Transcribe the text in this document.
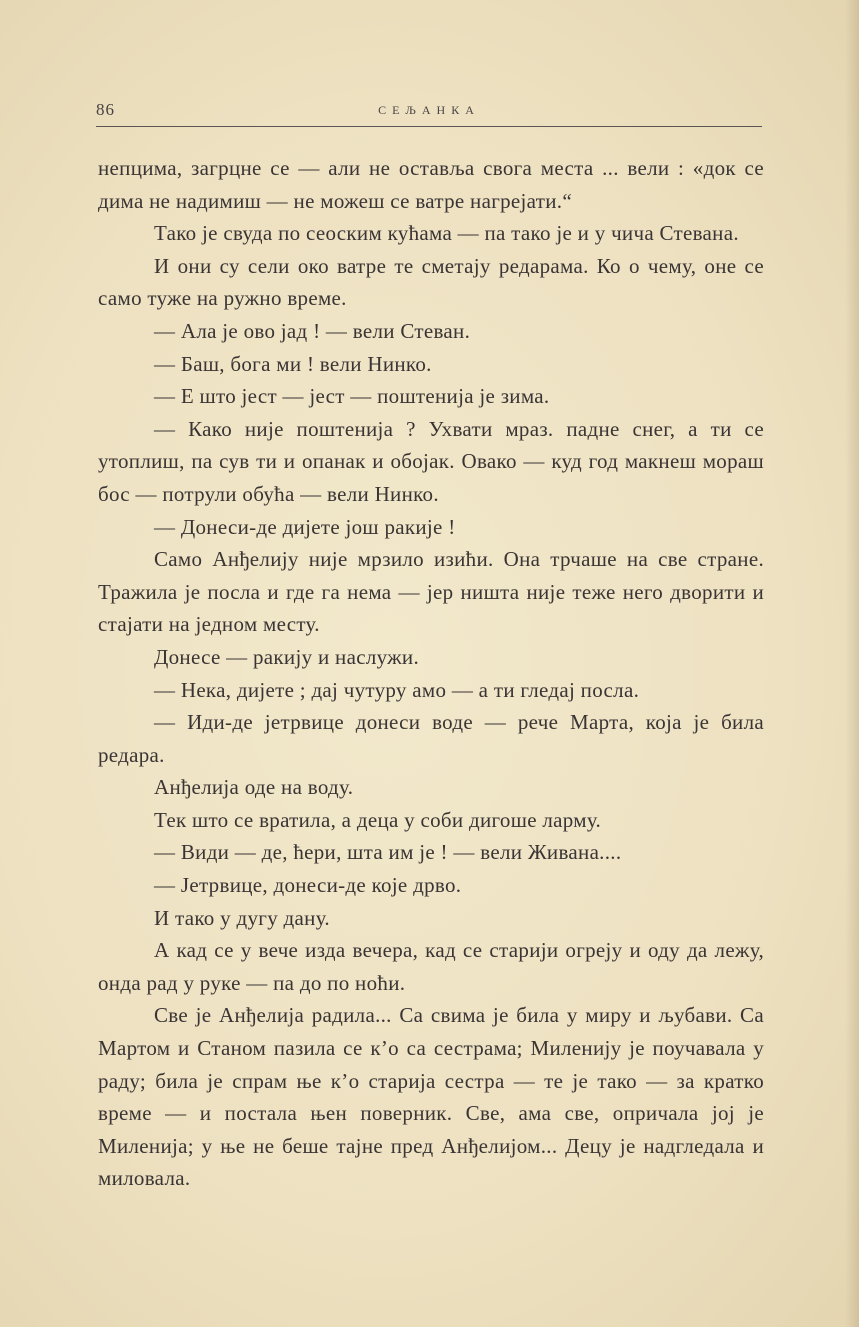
86	СЕЉАНКА

непцима, загрцне се — али не оставља свога места ... вели : «док се дима не надимиш — не можеш се ватре нагрејати.“

Тако је свуда по сеоским кућама — па тако је и у чича Стевана.

И они су сели око ватре те сметају редарама. Ко о чему, оне се само туже на ружно време.

— Ала је ово јад ! — вели Стеван.

— Баш, бога ми ! вели Нинко.

— Е што јест — јест — поштенија је зима.

— Како није поштенија ? Ухвати мраз. падне снег, а ти се утоплиш, па сув ти и опанак и обојак. Овако — куд год макнеш мораш бос — потрули обућа — вели Нинко.

— Донеси-де дијете још ракије !

Само Анђелију није мрзило изићи. Она трчаше на све стране. Тражила је посла и где га нема — јер ништа није теже него дворити и стајати на једном месту.

Донесе — ракију и наслужи.

— Нека, дијете ; дај чутуру амо — а ти гледај посла.

— Иди-де јетрвице донеси воде — рече Марта, која је била редара.

Анђелија оде на воду.

Тек што се вратила, а деца у соби дигоше ларму.

— Види — де, ћери, шта им је ! — вели Живана....

— Јетрвице, донеси-де које дрво.

И тако у дугу дану.

А кад се у вече изда вечера, кад се старији огреју и оду да лежу, онда рад у руке — па до по ноћи.

Све је Анђелија радила... Са свима је била у миру и љубави. Са Мартом и Станом пазила се к’о са сестрама; Миленију је поучавала у раду; била је спрам ње к’о старија сестра — те је тако — за кратко време — и постала њен поверник. Све, ама све, опричала јој је Миленија; у ње не беше тајне пред Анђелијом... Децу је надгледала и миловала.
